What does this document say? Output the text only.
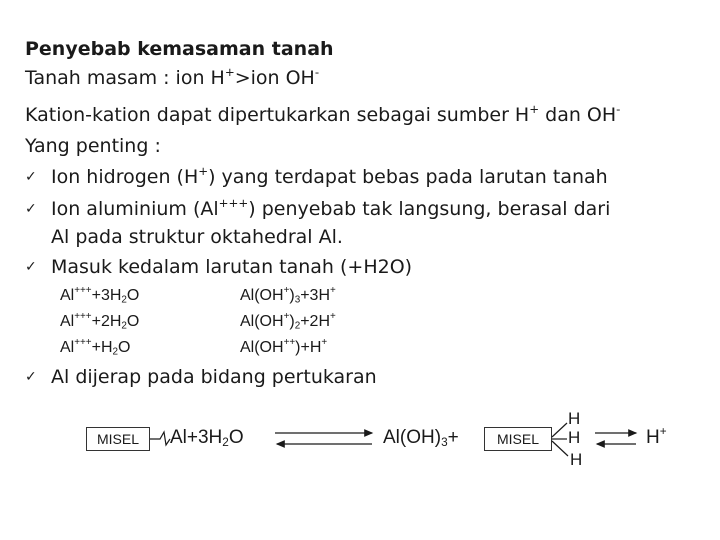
Penyebab kemasaman tanah
Tanah masam : ion H+>ion OH-
Kation-kation dapat dipertukarkan sebagai sumber H+ dan OH-
Yang penting :
✓ Ion hidrogen (H+) yang terdapat bebas pada larutan tanah
✓ Ion aluminium (Al+++) penyebab tak langsung, berasal dari
Al pada struktur oktahedral Al.
✓ Masuk kedalam larutan tanah (+H2O)
$Al^{+++}+3H_2O$	$Al(OH^+)_3+3H^+$
$Al^{+++}+2H_2O$	$Al(OH^+)_2+2H^+$
$Al^{+++}+H_2O$	Al(OH++)+H+
✓ Al dijerap pada bidang pertukaran
MISEL	$Al+3H_2O$	$Al(OH)_3+$	MISEL
H
H
H
H+
